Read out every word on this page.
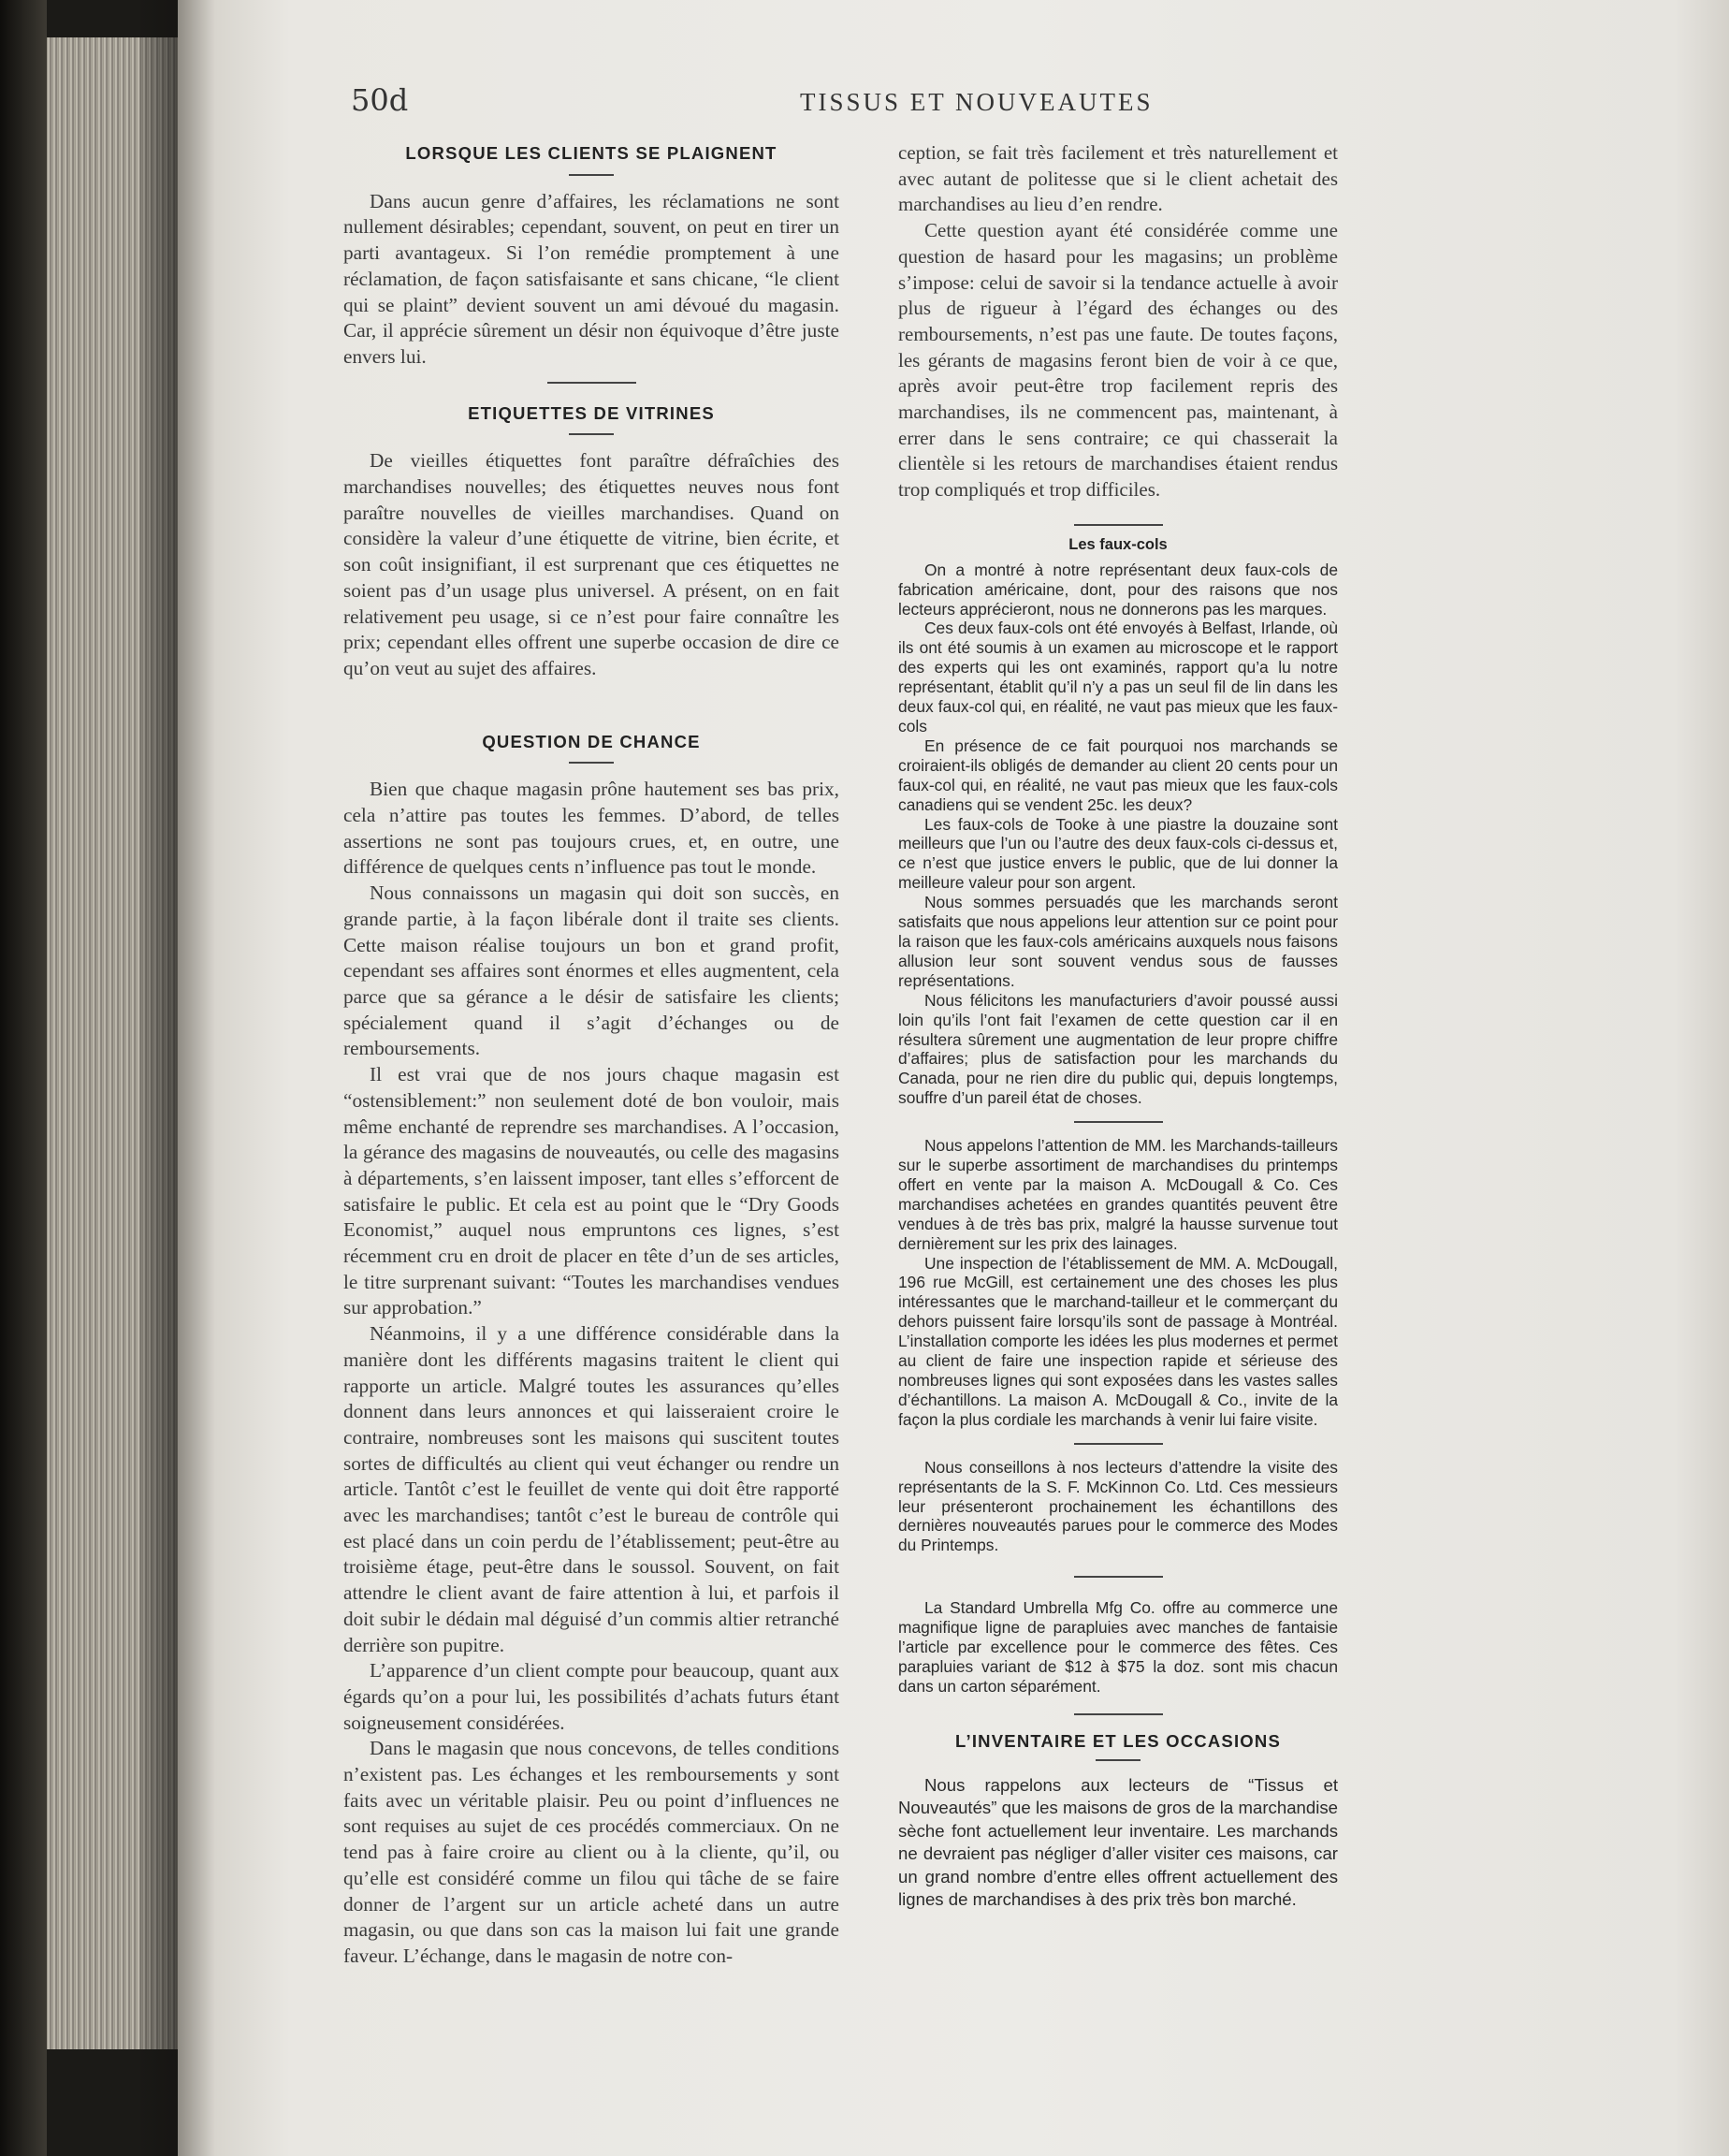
50d	TISSUS ET NOUVEAUTES
LORSQUE LES CLIENTS SE PLAIGNENT

Dans aucun genre d’affaires, les réclamations ne sont nullement désirables; cependant, souvent, on peut en tirer un parti avantageux. Si l’on remédie promptement à une réclamation, de façon satisfaisante et sans chicane, “le client qui se plaint” devient souvent un ami dévoué du magasin. Car, il apprécie sûrement un désir non équivoque d’être juste envers lui.

ETIQUETTES DE VITRINES

De vieilles étiquettes font paraître défraîchies des marchandises nouvelles; des étiquettes neuves nous font paraître nouvelles de vieilles marchandises. Quand on considère la valeur d’une étiquette de vitrine, bien écrite, et son coût insignifiant, il est surprenant que ces étiquettes ne soient pas d’un usage plus universel. A présent, on en fait relativement peu usage, si ce n’est pour faire connaître les prix; cependant elles offrent une superbe occasion de dire ce qu’on veut au sujet des affaires.

QUESTION DE CHANCE

Bien que chaque magasin prône hautement ses bas prix, cela n’attire pas toutes les femmes. D’abord, de telles assertions ne sont pas toujours crues, et, en outre, une différence de quelques cents n’influence pas tout le monde.

Nous connaissons un magasin qui doit son succès, en grande partie, à la façon libérale dont il traite ses clients. Cette maison réalise toujours un bon et grand profit, cependant ses affaires sont énormes et elles augmentent, cela parce que sa gérance a le désir de satisfaire les clients; spécialement quand il s’agit d’échanges ou de remboursements.

Il est vrai que de nos jours chaque magasin est “ostensiblement:” non seulement doté de bon vouloir, mais même enchanté de reprendre ses marchandises. A l’occasion, la gérance des magasins de nouveautés, ou celle des magasins à départements, s’en laissent imposer, tant elles s’efforcent de satisfaire le public. Et cela est au point que le “Dry Goods Economist,” auquel nous empruntons ces lignes, s’est récemment cru en droit de placer en tête d’un de ses articles, le titre surprenant suivant: “Toutes les marchandises vendues sur approbation.”

Néanmoins, il y a une différence considérable dans la manière dont les différents magasins traitent le client qui rapporte un article. Malgré toutes les assurances qu’elles donnent dans leurs annonces et qui laisseraient croire le contraire, nombreuses sont les maisons qui suscitent toutes sortes de difficultés au client qui veut échanger ou rendre un article. Tantôt c’est le feuillet de vente qui doit être rapporté avec les marchandises; tantôt c’est le bureau de contrôle qui est placé dans un coin perdu de l’établissement; peut-être au troisième étage, peut-être dans le soussol. Souvent, on fait attendre le client avant de faire attention à lui, et parfois il doit subir le dédain mal déguisé d’un commis altier retranché derrière son pupitre.

L’apparence d’un client compte pour beaucoup, quant aux égards qu’on a pour lui, les possibilités d’achats futurs étant soigneusement considérées.

Dans le magasin que nous concevons, de telles conditions n’existent pas. Les échanges et les remboursements y sont faits avec un véritable plaisir. Peu ou point d’influences ne sont requises au sujet de ces procédés commerciaux. On ne tend pas à faire croire au client ou à la cliente, qu’il, ou qu’elle est considéré comme un filou qui tâche de se faire donner de l’argent sur un article acheté dans un autre magasin, ou que dans son cas la maison lui fait une grande faveur. L’échange, dans le magasin de notre con-

ception, se fait très facilement et très naturellement et avec autant de politesse que si le client achetait des marchandises au lieu d’en rendre.

Cette question ayant été considérée comme une question de hasard pour les magasins; un problème s’impose: celui de savoir si la tendance actuelle à avoir plus de rigueur à l’égard des échanges ou des remboursements, n’est pas une faute. De toutes façons, les gérants de magasins feront bien de voir à ce que, après avoir peut-être trop facilement repris des marchandises, ils ne commencent pas, maintenant, à errer dans le sens contraire; ce qui chasserait la clientèle si les retours de marchandises étaient rendus trop compliqués et trop difficiles.

Les faux-cols

On a montré à notre représentant deux faux-cols de fabrication américaine, dont, pour des raisons que nos lecteurs apprécieront, nous ne donnerons pas les marques.

Ces deux faux-cols ont été envoyés à Belfast, Irlande, où ils ont été soumis à un examen au microscope et le rapport des experts qui les ont examinés, rapport qu’a lu notre représentant, établit qu’il n’y a pas un seul fil de lin dans les deux faux-col qui, en réalité, ne vaut pas mieux que les faux-cols

En présence de ce fait pourquoi nos marchands se croiraient-ils obligés de demander au client 20 cents pour un faux-col qui, en réalité, ne vaut pas mieux que les faux-cols canadiens qui se vendent 25c. les deux?

Les faux-cols de Tooke à une piastre la douzaine sont meilleurs que l’un ou l’autre des deux faux-cols ci-dessus et, ce n’est que justice envers le public, que de lui donner la meilleure valeur pour son argent.

Nous sommes persuadés que les marchands seront satisfaits que nous appelions leur attention sur ce point pour la raison que les faux-cols américains auxquels nous faisons allusion leur sont souvent vendus sous de fausses représentations.

Nous félicitons les manufacturiers d’avoir poussé aussi loin qu’ils l’ont fait l’examen de cette question car il en résultera sûrement une augmentation de leur propre chiffre d’affaires; plus de satisfaction pour les marchands du Canada, pour ne rien dire du public qui, depuis longtemps, souffre d’un pareil état de choses.

Nous appelons l’attention de MM. les Marchands-tailleurs sur le superbe assortiment de marchandises du printemps offert en vente par la maison A. McDougall & Co. Ces marchandises achetées en grandes quantités peuvent être vendues à de très bas prix, malgré la hausse survenue tout dernièrement sur les prix des lainages.

Une inspection de l’établissement de MM. A. McDougall, 196 rue McGill, est certainement une des choses les plus intéressantes que le marchand-tailleur et le commerçant du dehors puissent faire lorsqu’ils sont de passage à Montréal. L’installation comporte les idées les plus modernes et permet au client de faire une inspection rapide et sérieuse des nombreuses lignes qui sont exposées dans les vastes salles d’échantillons. La maison A. McDougall & Co., invite de la façon la plus cordiale les marchands à venir lui faire visite.

Nous conseillons à nos lecteurs d’attendre la visite des représentants de la S. F. McKinnon Co. Ltd. Ces messieurs leur présenteront prochainement les échantillons des dernières nouveautés parues pour le commerce des Modes du Printemps.

La Standard Umbrella Mfg Co. offre au commerce une magnifique ligne de parapluies avec manches de fantaisie l’article par excellence pour le commerce des fêtes. Ces parapluies variant de $12 à $75 la doz. sont mis chacun dans un carton séparément.

L’INVENTAIRE ET LES OCCASIONS

Nous rappelons aux lecteurs de “Tissus et Nouveautés” que les maisons de gros de la marchandise sèche font actuellement leur inventaire. Les marchands ne devraient pas négliger d’aller visiter ces maisons, car un grand nombre d’entre elles offrent actuellement des lignes de marchandises à des prix très bon marché.
